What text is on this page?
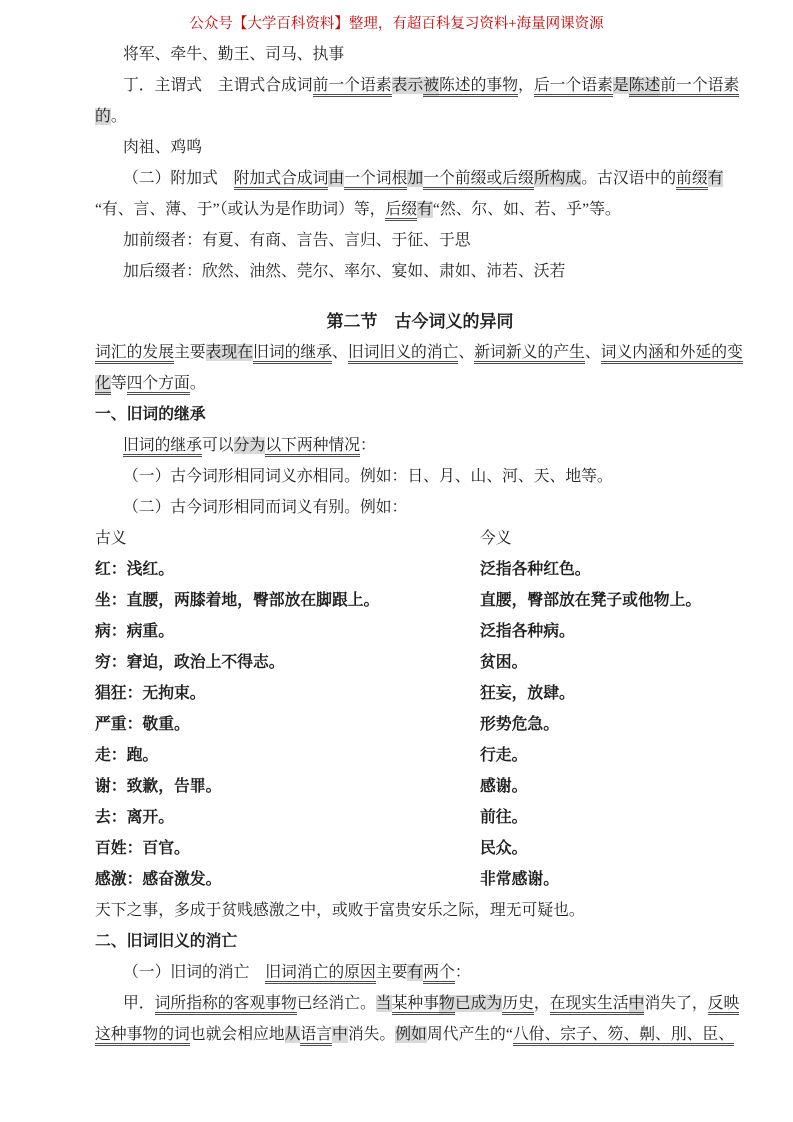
公众号【大学百科资料】整理，有超百科复习资料+海量网课资源

将军、牵牛、勤王、司马、执事

丁．主谓式　主谓式合成词前一个语素表示被陈述的事物，后一个语素是陈述前一个语素
的。

肉祖、鸡鸣

（二）附加式　附加式合成词由一个词根加一个前缀或后缀所构成。古汉语中的前缀有
“有、言、薄、于”（或认为是作助词）等，后缀有“然、尔、如、若、乎”等。

加前缀者：有夏、有商、言告、言归、于征、于思

加后缀者：欣然、油然、莞尔、率尔、宴如、肃如、沛若、沃若

第二节　古今词义的异同

词汇的发展主要表现在旧词的继承、旧词旧义的消亡、新词新义的产生、词义内涵和外延的变
化等四个方面。

一、旧词的继承

旧词的继承可以分为以下两种情况：

（一）古今词形相同词义亦相同。例如：日、月、山、河、天、地等。

（二）古今词形相同而词义有别。例如：

古义	今义
红：浅红。	泛指各种红色。
坐：直腰，两膝着地，臀部放在脚跟上。	直腰，臀部放在凳子或他物上。
病：病重。	泛指各种病。
穷：窘迫，政治上不得志。	贫困。
猖狂：无拘束。	狂妄，放肆。
严重：敬重。	形势危急。
走：跑。	行走。
谢：致歉，告罪。	感谢。
去：离开。	前往。
百姓：百官。	民众。
感激：感奋激发。	非常感谢。

天下之事，多成于贫贱感激之中，或败于富贵安乐之际，理无可疑也。

二、旧词旧义的消亡

（一）旧词的消亡　旧词消亡的原因主要有两个：

甲．词所指称的客观事物已经消亡。当某种事物已成为历史，在现实生活中消失了，反映
这种事物的词也就会相应地从语言中消失。例如周代产生的“八佾、宗子、笏、劓、刖、臣、
